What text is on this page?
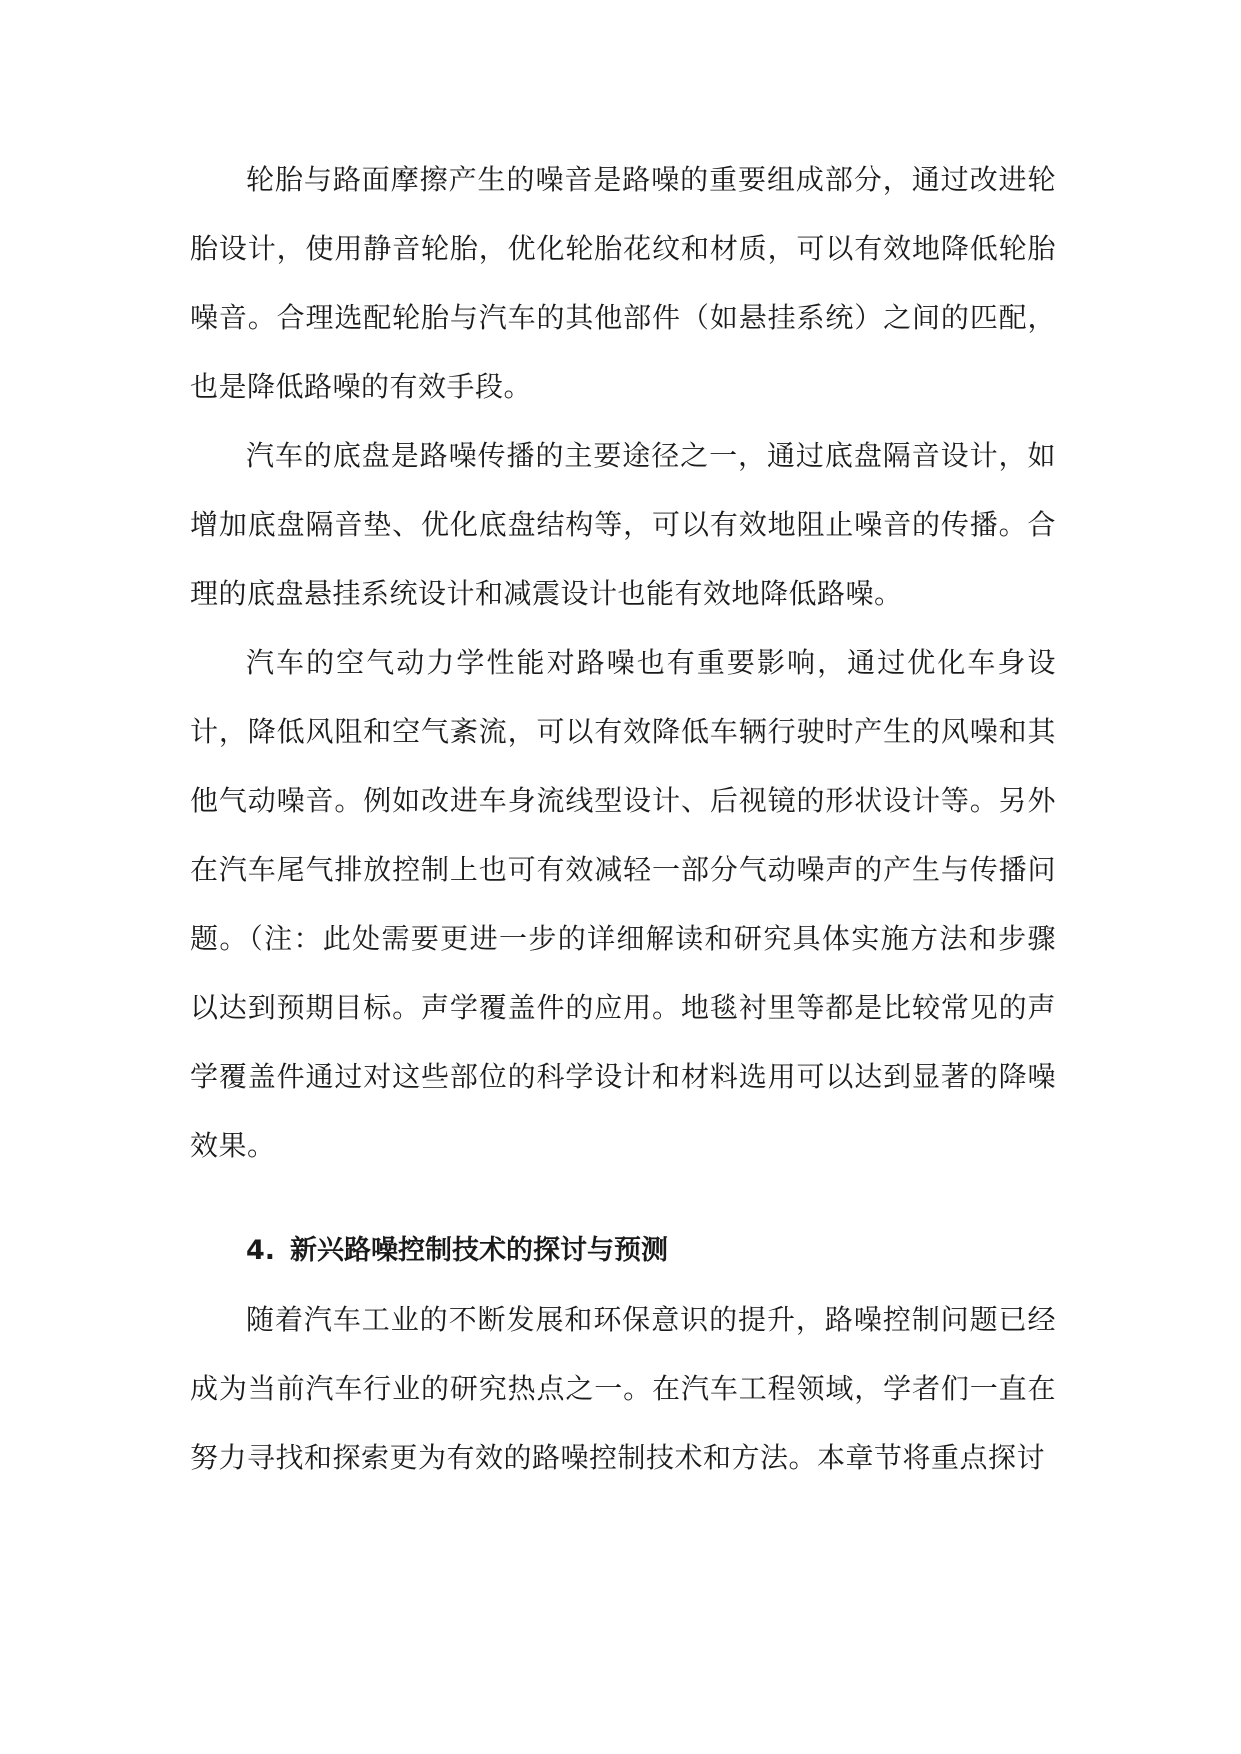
轮胎与路面摩擦产生的噪音是路噪的重要组成部分，通过改进轮胎设计，使用静音轮胎，优化轮胎花纹和材质，可以有效地降低轮胎噪音。合理选配轮胎与汽车的其他部件（如悬挂系统）之间的匹配，也是降低路噪的有效手段。

汽车的底盘是路噪传播的主要途径之一，通过底盘隔音设计，如增加底盘隔音垫、优化底盘结构等，可以有效地阻止噪音的传播。合理的底盘悬挂系统设计和减震设计也能有效地降低路噪。

汽车的空气动力学性能对路噪也有重要影响，通过优化车身设计，降低风阻和空气紊流，可以有效降低车辆行驶时产生的风噪和其他气动噪音。例如改进车身流线型设计、后视镜的形状设计等。另外在汽车尾气排放控制上也可有效减轻一部分气动噪声的产生与传播问题。（注：此处需要更进一步的详细解读和研究具体实施方法和步骤以达到预期目标。声学覆盖件的应用。地毯衬里等都是比较常见的声学覆盖件通过对这些部位的科学设计和材料选用可以达到显著的降噪效果。

4. 新兴路噪控制技术的探讨与预测

随着汽车工业的不断发展和环保意识的提升，路噪控制问题已经成为当前汽车行业的研究热点之一。在汽车工程领域，学者们一直在努力寻找和探索更为有效的路噪控制技术和方法。本章节将重点探讨
